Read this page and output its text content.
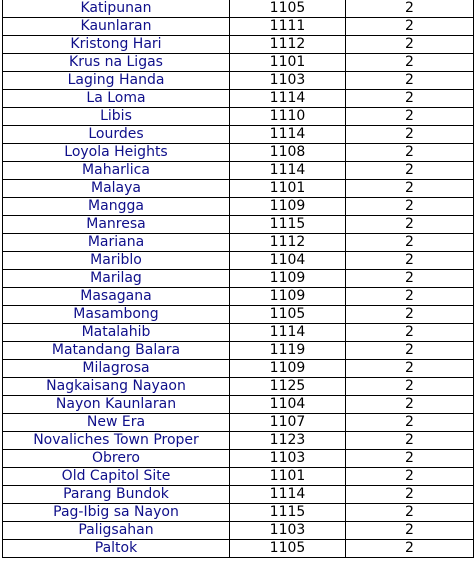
Katipunan	1105	2
Kaunlaran	1111	2
Kristong Hari	1112	2
Krus na Ligas	1101	2
Laging Handa	1103	2
La Loma	1114	2
Libis	1110	2
Lourdes	1114	2
Loyola Heights	1108	2
Maharlica	1114	2
Malaya	1101	2
Mangga	1109	2
Manresa	1115	2
Mariana	1112	2
Mariblo	1104	2
Marilag	1109	2
Masagana	1109	2
Masambong	1105	2
Matalahib	1114	2
Matandang Balara	1119	2
Milagrosa	1109	2
Nagkaisang Nayaon	1125	2
Nayon Kaunlaran	1104	2
New Era	1107	2
Novaliches Town Proper	1123	2
Obrero	1103	2
Old Capitol Site	1101	2
Parang Bundok	1114	2
Pag-Ibig sa Nayon	1115	2
Paligsahan	1103	2
Paltok	1105	2
